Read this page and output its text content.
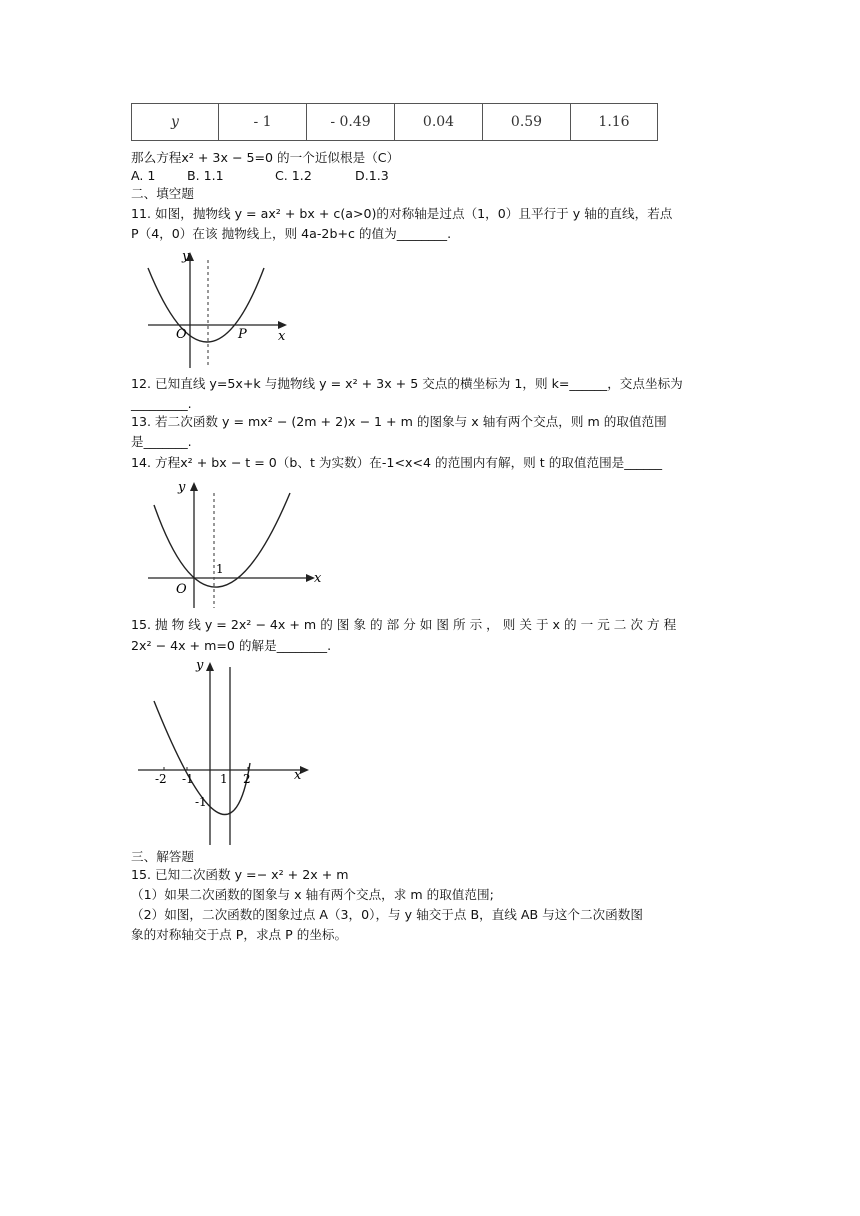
y	- 1	- 0.49	0.04	0.59	1.16
那么方程x² + 3x − 5=0 的一个近似根是（C）
A. 1	B. 1.1	C. 1.2	D.1.3
二、填空题
11. 如图，抛物线 y = ax² + bx + c(a>0)的对称轴是过点（1，0）且平行于 y 轴的直线，若点
P（4，0）在该 抛物线上，则 4a-2b+c 的值为________.
y
x
O	P
12. 已知直线 y=5x+k 与抛物线 y = x² + 3x + 5 交点的横坐标为 1，则 k=______，交点坐标为
_________.
13. 若二次函数 y = mx² − (2m + 2)x − 1 + m 的图象与 x 轴有两个交点，则 m 的取值范围
是_______.
14. 方程x² + bx − t = 0（b、t 为实数）在-1<x<4 的范围内有解，则 t 的取值范围是______
y
x
O
1
15. 抛 物 线 y = 2x² − 4x + m 的 图 象 的 部 分 如 图 所 示 ， 则 关 于 x 的 一 元 二 次 方 程
2x² − 4x + m=0 的解是________.
y
x
-2 -1 1 2
-1
三、解答题
15. 已知二次函数 y =− x² + 2x + m
（1）如果二次函数的图象与 x 轴有两个交点，求 m 的取值范围;
（2）如图，二次函数的图象过点 A（3，0），与 y 轴交于点 B，直线 AB 与这个二次函数图
象的对称轴交于点 P，求点 P 的坐标。
